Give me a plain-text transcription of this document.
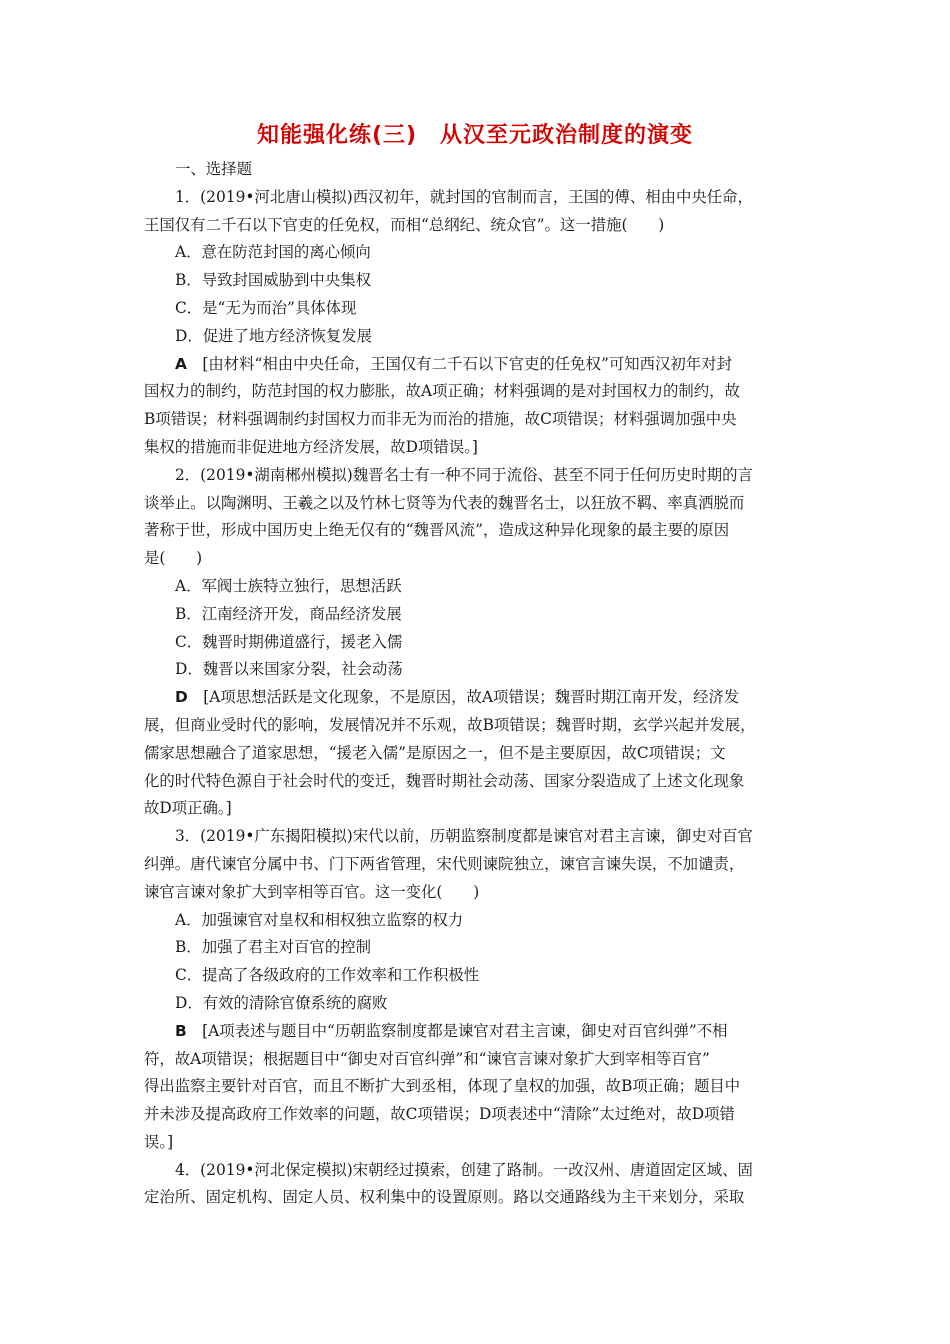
知能强化练(三)　从汉至元政治制度的演变

一、选择题

1．(2019•河北唐山模拟)西汉初年，就封国的官制而言，王国的傅、相由中央任命，
王国仅有二千石以下官吏的任免权，而相“总纲纪、统众官”。这一措施(　　)

A．意在防范封国的离心倾向

B．导致封国威胁到中央集权

C．是“无为而治”具体体现

D．促进了地方经济恢复发展

A　 [由材料“相由中央任命，王国仅有二千石以下官吏的任免权”可知西汉初年对封
国权力的制约，防范封国的权力膨胀，故A项正确；材料强调的是对封国权力的制约，故
B项错误；材料强调制约封国权力而非无为而治的措施，故C项错误；材料强调加强中央
集权的措施而非促进地方经济发展，故D项错误。]

2．(2019•湖南郴州模拟)魏晋名士有一种不同于流俗、甚至不同于任何历史时期的言
谈举止。以陶渊明、王羲之以及竹林七贤等为代表的魏晋名士，以狂放不羁、率真洒脱而
著称于世，形成中国历史上绝无仅有的“魏晋风流”，造成这种异化现象的最主要的原因
是(　　)

A．军阀士族特立独行，思想活跃

B．江南经济开发，商品经济发展

C．魏晋时期佛道盛行，援老入儒

D．魏晋以来国家分裂，社会动荡

D　 [A项思想活跃是文化现象，不是原因，故A项错误；魏晋时期江南开发，经济发
展，但商业受时代的影响，发展情况并不乐观，故B项错误；魏晋时期，玄学兴起并发展，
儒家思想融合了道家思想，“援老入儒”是原因之一，但不是主要原因，故C项错误；文
化的时代特色源自于社会时代的变迁，魏晋时期社会动荡、国家分裂造成了上述文化现象
故D项正确。]

3．(2019•广东揭阳模拟)宋代以前，历朝监察制度都是谏官对君主言谏，御史对百官
纠弹。唐代谏官分属中书、门下两省管理，宋代则谏院独立，谏官言谏失误，不加谴责，
谏官言谏对象扩大到宰相等百官。这一变化(　　)

A．加强谏官对皇权和相权独立监察的权力

B．加强了君主对百官的控制

C．提高了各级政府的工作效率和工作积极性

D．有效的清除官僚系统的腐败

B　 [A项表述与题目中“历朝监察制度都是谏官对君主言谏，御史对百官纠弹”不相
符，故A项错误；根据题目中“御史对百官纠弹”和“谏官言谏对象扩大到宰相等百官”
得出监察主要针对百官，而且不断扩大到丞相，体现了皇权的加强，故B项正确；题目中
并未涉及提高政府工作效率的问题，故C项错误；D项表述中“清除”太过绝对，故D项错
误。]

4．(2019•河北保定模拟)宋朝经过摸索，创建了路制。一改汉州、唐道固定区域、固
定治所、固定机构、固定人员、权利集中的设置原则。路以交通路线为主干来划分，采取
